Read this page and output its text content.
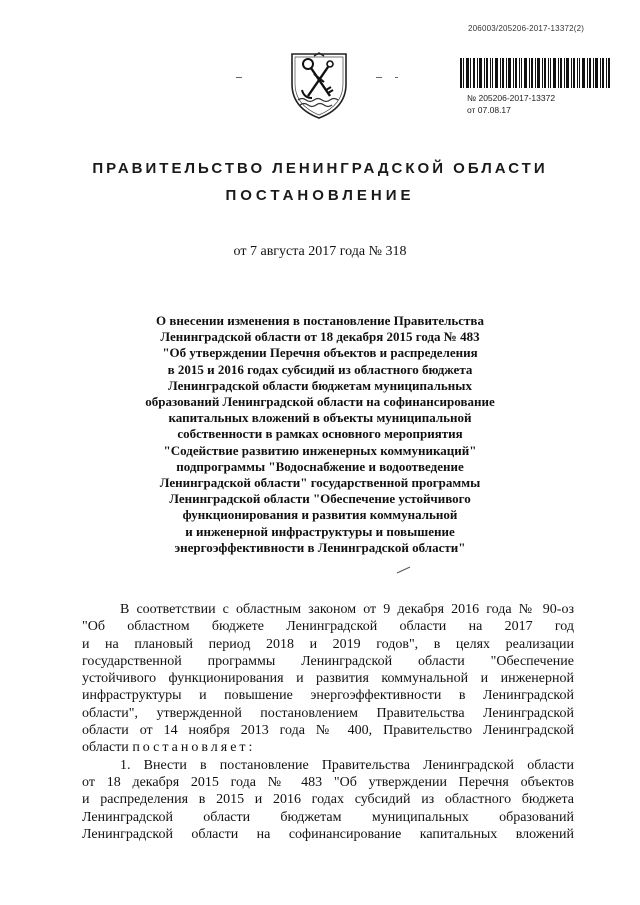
206003/205206-2017-13372(2)
№ 205206-2017-13372
от 07.08.17
ПРАВИТЕЛЬСТВО ЛЕНИНГРАДСКОЙ ОБЛАСТИ
ПОСТАНОВЛЕНИЕ
от 7 августа 2017 года № 318
О внесении изменения в постановление Правительства
Ленинградской области от 18 декабря 2015 года № 483
"Об утверждении Перечня объектов и распределения
в 2015 и 2016 годах субсидий из областного бюджета
Ленинградской области бюджетам муниципальных
образований Ленинградской области на софинансирование
капитальных вложений в объекты муниципальной
собственности в рамках основного мероприятия
"Содействие развитию инженерных коммуникаций"
подпрограммы "Водоснабжение и водоотведение
Ленинградской области" государственной программы
Ленинградской области "Обеспечение устойчивого
функционирования и развития коммунальной
и инженерной инфраструктуры и повышение
энергоэффективности в Ленинградской области"
В соответствии с областным законом от 9 декабря 2016 года № 90-оз
"Об областном бюджете Ленинградской области на 2017 год
и на плановый период 2018 и 2019 годов", в целях реализации
государственной программы Ленинградской области "Обеспечение
устойчивого функционирования и развития коммунальной и инженерной
инфраструктуры и повышение энергоэффективности в Ленинградской
области", утвержденной постановлением Правительства Ленинградской
области от 14 ноября 2013 года № 400, Правительство Ленинградской
области постановляет:
1. Внести в постановление Правительства Ленинградской области
от 18 декабря 2015 года № 483 "Об утверждении Перечня объектов
и распределения в 2015 и 2016 годах субсидий из областного бюджета
Ленинградской области бюджетам муниципальных образований
Ленинградской области на софинансирование капитальных вложений
